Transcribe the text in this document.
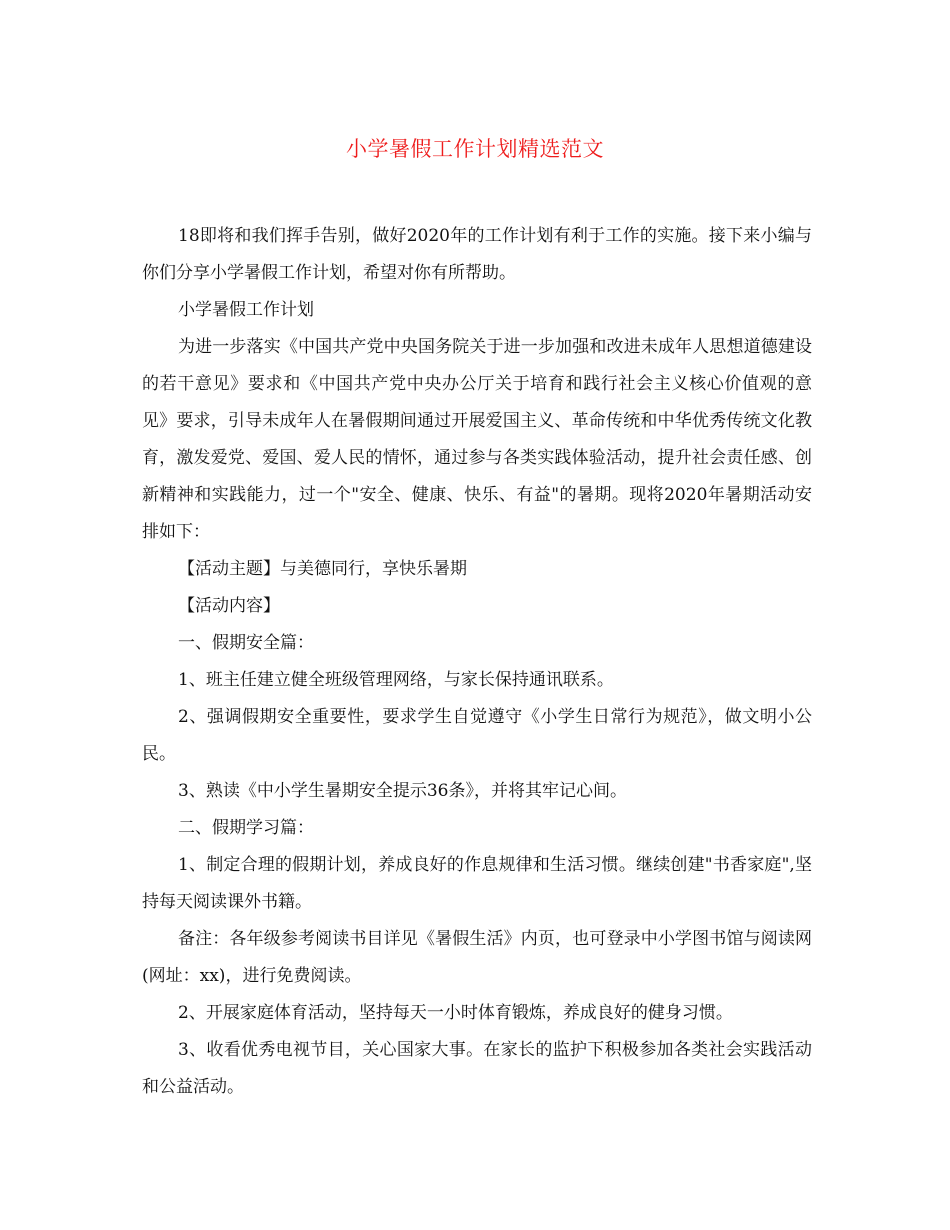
小学暑假工作计划精选范文

18即将和我们挥手告别，做好2020年的工作计划有利于工作的实施。接下来小编与你们分享小学暑假工作计划，希望对你有所帮助。

小学暑假工作计划

为进一步落实《中国共产党中央国务院关于进一步加强和改进未成年人思想道德建设的若干意见》要求和《中国共产党中央办公厅关于培育和践行社会主义核心价值观的意见》要求，引导未成年人在暑假期间通过开展爱国主义、革命传统和中华优秀传统文化教育，激发爱党、爱国、爱人民的情怀，通过参与各类实践体验活动，提升社会责任感、创新精神和实践能力，过一个"安全、健康、快乐、有益"的暑期。现将2020年暑期活动安排如下：

【活动主题】与美德同行，享快乐暑期

【活动内容】

一、假期安全篇：

1、班主任建立健全班级管理网络，与家长保持通讯联系。

2、强调假期安全重要性，要求学生自觉遵守《小学生日常行为规范》，做文明小公民。

3、熟读《中小学生暑期安全提示36条》，并将其牢记心间。

二、假期学习篇：

1、制定合理的假期计划，养成良好的作息规律和生活习惯。继续创建"书香家庭",坚持每天阅读课外书籍。

备注：各年级参考阅读书目详见《暑假生活》内页，也可登录中小学图书馆与阅读网(网址：xx)，进行免费阅读。

2、开展家庭体育活动，坚持每天一小时体育锻炼，养成良好的健身习惯。

3、收看优秀电视节目，关心国家大事。在家长的监护下积极参加各类社会实践活动和公益活动。
